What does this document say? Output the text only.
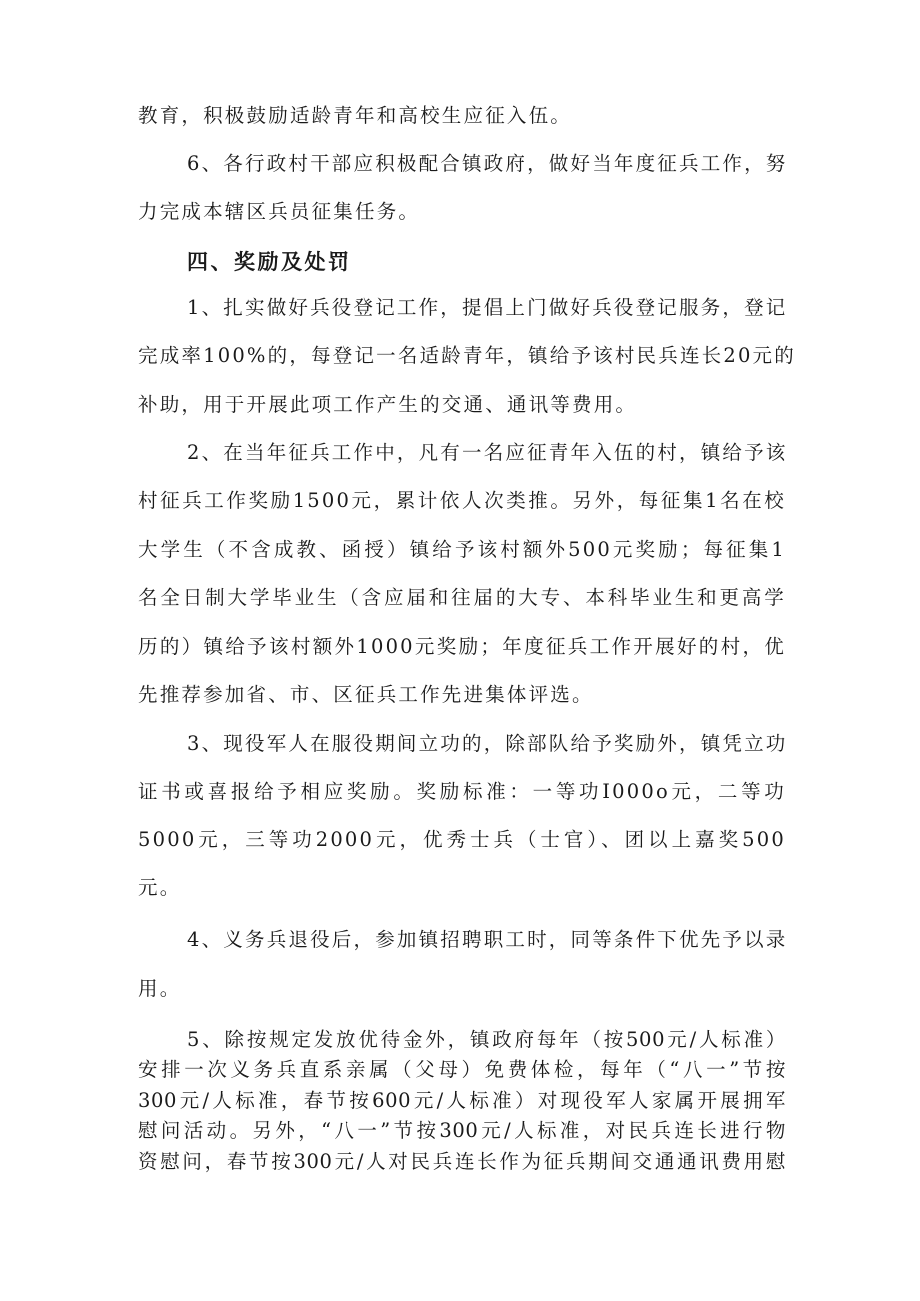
教育，积极鼓励适龄青年和高校生应征入伍。
6、各行政村干部应积极配合镇政府，做好当年度征兵工作，努
力完成本辖区兵员征集任务。
四、奖励及处罚
1、扎实做好兵役登记工作，提倡上门做好兵役登记服务，登记
完成率100%的，每登记一名适龄青年，镇给予该村民兵连长20元的
补助，用于开展此项工作产生的交通、通讯等费用。
2、在当年征兵工作中，凡有一名应征青年入伍的村，镇给予该
村征兵工作奖励1500元，累计依人次类推。另外，每征集1名在校
大学生（不含成教、函授）镇给予该村额外500元奖励；每征集1
名全日制大学毕业生（含应届和往届的大专、本科毕业生和更高学
历的）镇给予该村额外1000元奖励；年度征兵工作开展好的村，优
先推荐参加省、市、区征兵工作先进集体评选。
3、现役军人在服役期间立功的，除部队给予奖励外，镇凭立功
证书或喜报给予相应奖励。奖励标准：一等功I000o元，二等功
5000元，三等功2000元，优秀士兵（士官）、团以上嘉奖500
元。
4、义务兵退役后，参加镇招聘职工时，同等条件下优先予以录
用。
5、除按规定发放优待金外，镇政府每年（按500元/人标准）
安排一次义务兵直系亲属（父母）免费体检，每年（“八一”节按
300元/人标准，春节按600元/人标准）对现役军人家属开展拥军
慰问活动。另外，“八一”节按300元/人标准，对民兵连长进行物
资慰问，春节按300元/人对民兵连长作为征兵期间交通通讯费用慰
